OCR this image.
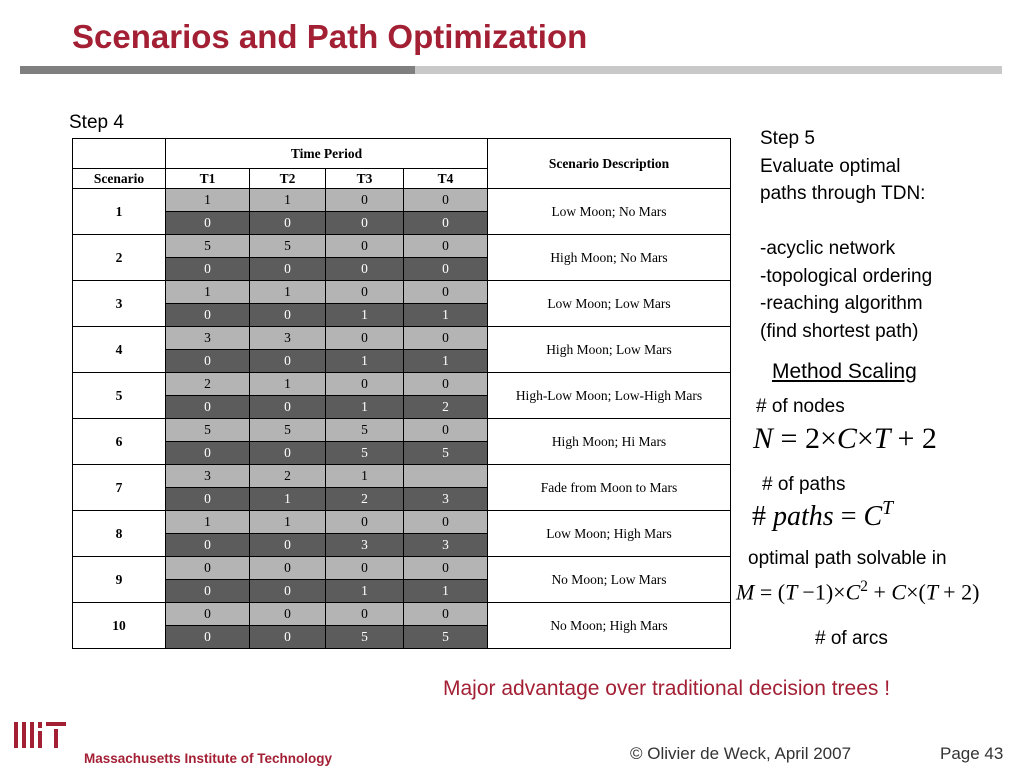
Scenarios and Path Optimization
Step 4
	Time Period				Scenario Description
Scenario	T1	T2	T3	T4	
1	1	1	0	0	Low Moon; No Mars
	0	0	0	0	
2	5	5	0	0	High Moon; No Mars
	0	0	0	0	
3	1	1	0	0	Low Moon; Low Mars
	0	0	1	1	
4	3	3	0	0	High Moon; Low Mars
	0	0	1	1	
5	2	1	0	0	High-Low Moon; Low-High Mars
	0	0	1	2	
6	5	5	5	0	High Moon; Hi Mars
	0	0	5	5	
7	3	2	1		Fade from Moon to Mars
	0	1	2	3	
8	1	1	0	0	Low Moon; High Mars
	0	0	3	3	
9	0	0	0	0	No Moon; Low Mars
	0	0	1	1	
10	0	0	0	0	No Moon; High Mars
	0	0	5	5	
Step 5
Evaluate optimal
paths through TDN:
-acyclic network
-topological ordering
-reaching algorithm
(find shortest path)
Method Scaling
# of nodes
N = 2×C×T + 2
# of paths
# paths = $C^T$
optimal path solvable in
$M = (T -1)\times C^2 + C\times(T + 2)$
# of arcs
Major advantage over traditional decision trees !
Massachusetts Institute of Technology	© Olivier de Weck, April 2007	Page 43
